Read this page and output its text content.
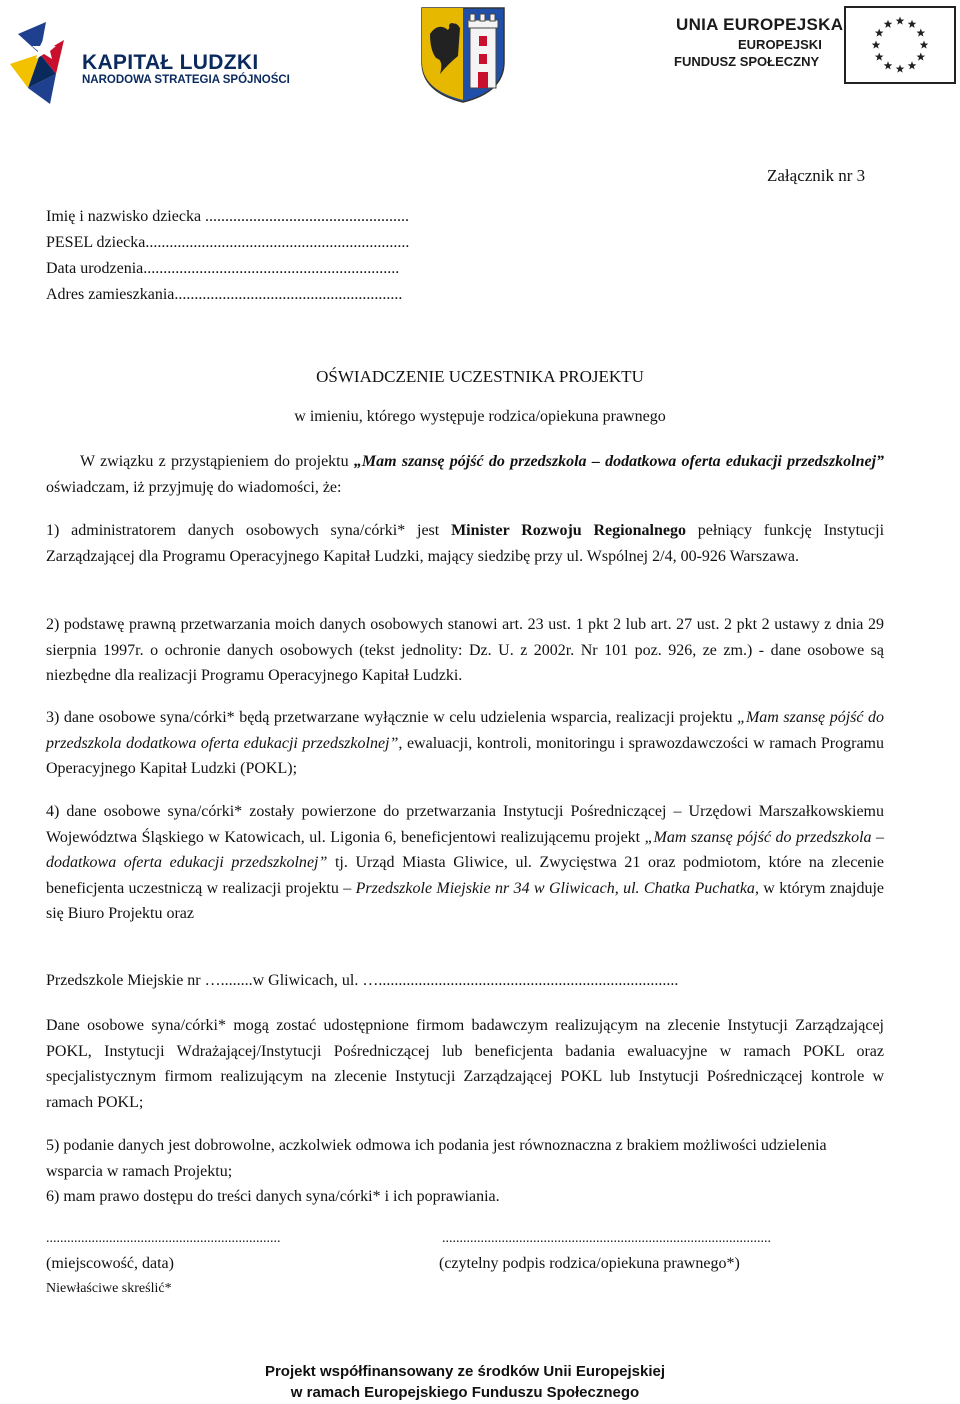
KAPITAŁ LUDZKI
NARODOWA STRATEGIA SPÓJNOŚCI
UNIA EUROPEJSKA
EUROPEJSKI
FUNDUSZ SPOŁECZNY
Załącznik nr 3
Imię i nazwisko dziecka ...................................................
PESEL dziecka..................................................................
Data urodzenia................................................................
Adres zamieszkania.........................................................
OŚWIADCZENIE UCZESTNIKA PROJEKTU
w imieniu, którego występuje rodzica/opiekuna prawnego
W związku z przystąpieniem do projektu „Mam szansę pójść do przedszkola – dodatkowa oferta edukacji przedszkolnej” oświadczam, iż przyjmuję do wiadomości, że:
1) administratorem danych osobowych syna/córki* jest Minister Rozwoju Regionalnego pełniący funkcję Instytucji Zarządzającej dla Programu Operacyjnego Kapitał Ludzki, mający siedzibę przy ul. Wspólnej 2/4, 00-926 Warszawa.
2) podstawę prawną przetwarzania moich danych osobowych stanowi art. 23 ust. 1 pkt 2 lub art. 27 ust. 2 pkt 2 ustawy z dnia 29 sierpnia 1997r. o ochronie danych osobowych (tekst jednolity: Dz. U. z 2002r. Nr 101 poz. 926, ze zm.) - dane osobowe są niezbędne dla realizacji Programu Operacyjnego Kapitał Ludzki.
3) dane osobowe syna/córki* będą przetwarzane wyłącznie w celu udzielenia wsparcia, realizacji projektu „Mam szansę pójść do przedszkola dodatkowa oferta edukacji przedszkolnej”, ewaluacji, kontroli, monitoringu i sprawozdawczości w ramach Programu Operacyjnego Kapitał Ludzki (POKL);
4) dane osobowe syna/córki* zostały powierzone do przetwarzania Instytucji Pośredniczącej – Urzędowi Marszałkowskiemu Województwa Śląskiego w Katowicach, ul. Ligonia 6, beneficjentowi realizującemu projekt „Mam szansę pójść do przedszkola – dodatkowa oferta edukacji przedszkolnej” tj. Urząd Miasta Gliwice, ul. Zwycięstwa 21 oraz podmiotom, które na zlecenie beneficjenta uczestniczą w realizacji projektu – Przedszkole Miejskie nr 34 w Gliwicach, ul. Chatka Puchatka, w którym znajduje się Biuro Projektu oraz
Przedszkole Miejskie nr …........w Gliwicach, ul. …...........................................................................
Dane osobowe syna/córki* mogą zostać udostępnione firmom badawczym realizującym na zlecenie Instytucji Zarządzającej POKL, Instytucji Wdrażającej/Instytucji Pośredniczącej lub beneficjenta badania ewaluacyjne w ramach POKL oraz specjalistycznym firmom realizującym na zlecenie Instytucji Zarządzającej POKL lub Instytucji Pośredniczącej kontrole w ramach POKL;
5) podanie danych jest dobrowolne, aczkolwiek odmowa ich podania jest równoznaczna z brakiem możliwości udzielenia wsparcia w ramach Projektu;
6) mam prawo dostępu do treści danych syna/córki* i ich poprawiania.
...................................................................	..............................................................................................
(miejscowość, data)	(czytelny podpis rodzica/opiekuna prawnego*)
Niewłaściwe skreślić*
Projekt współfinansowany ze środków Unii Europejskiej
w ramach Europejskiego Funduszu Społecznego
